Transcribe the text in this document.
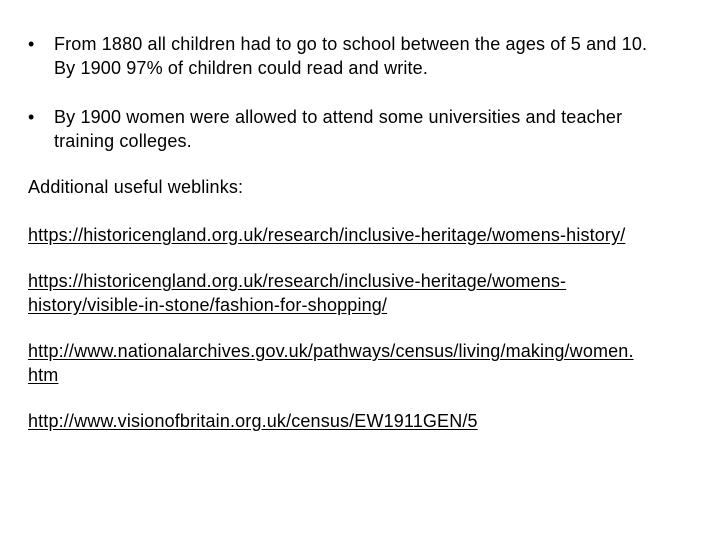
• From 1880 all children had to go to school between the ages of 5 and 10.
By 1900 97% of children could read and write.
• By 1900 women were allowed to attend some universities and teacher
training colleges.
Additional useful weblinks:
https://historicengland.org.uk/research/inclusive-heritage/womens-history/
https://historicengland.org.uk/research/inclusive-heritage/womens-
history/visible-in-stone/fashion-for-shopping/
http://www.nationalarchives.gov.uk/pathways/census/living/making/women.
htm
http://www.visionofbritain.org.uk/census/EW1911GEN/5
